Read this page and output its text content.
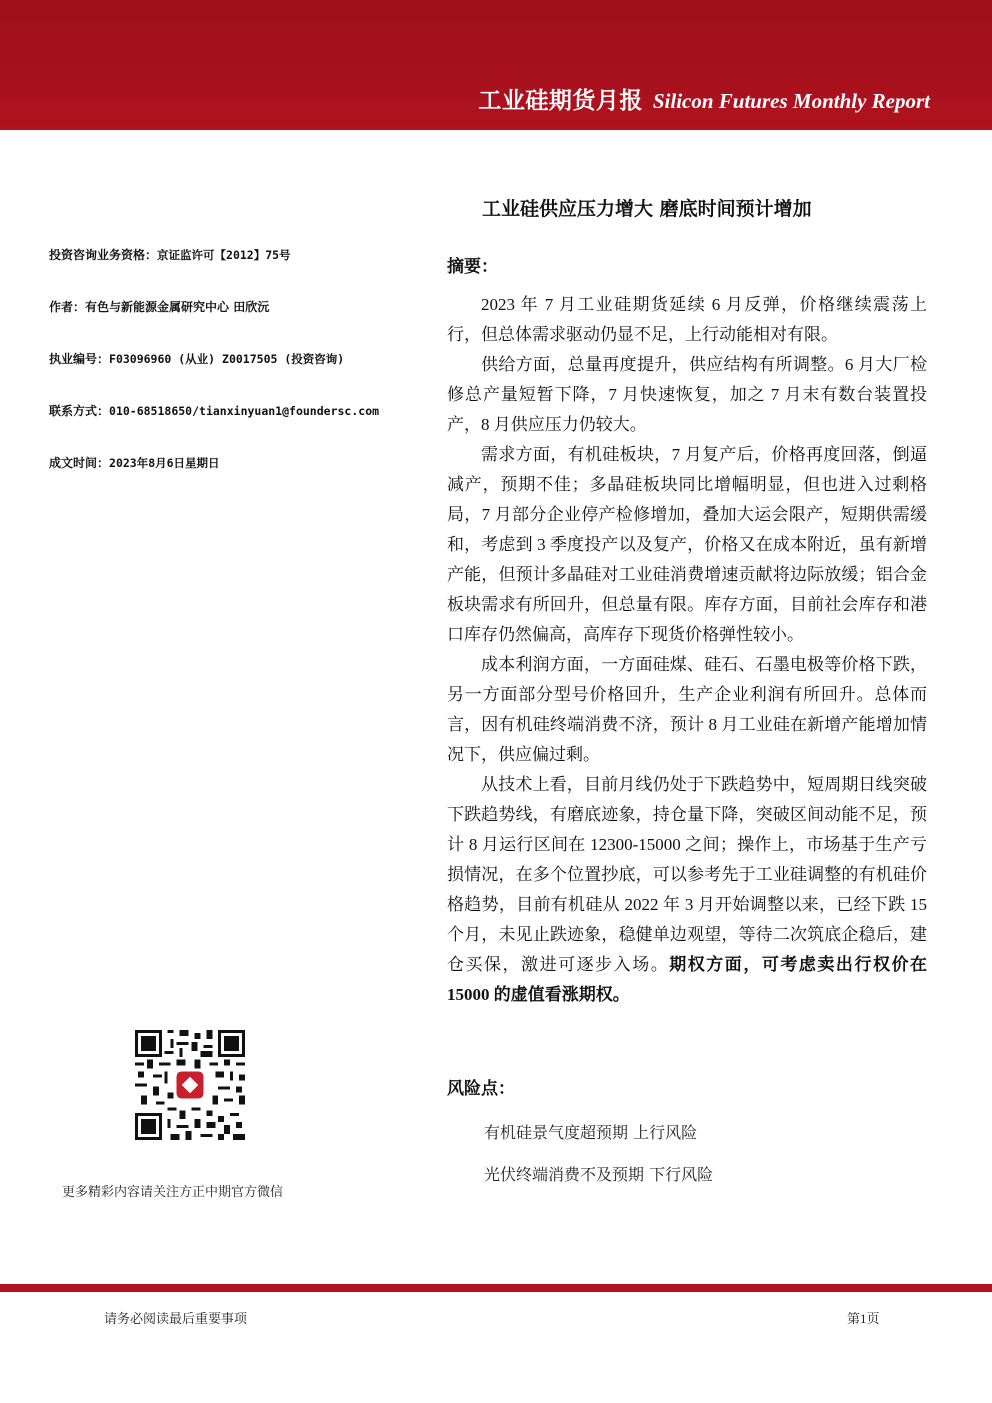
工业硅期货月报 Silicon Futures Monthly Report
工业硅供应压力增大 磨底时间预计增加
投资咨询业务资格：京证监许可【2012】75号
作者：有色与新能源金属研究中心 田欣沅
执业编号：F03096960 (从业) Z0017505 (投资咨询)
联系方式：010-68518650/tianxinyuan1@foundersc.com
成文时间：2023年8月6日星期日
摘要：

2023 年 7 月工业硅期货延续 6 月反弹，价格继续震荡上行，但总体需求驱动仍显不足，上行动能相对有限。

供给方面，总量再度提升，供应结构有所调整。6 月大厂检修总产量短暂下降，7 月快速恢复，加之 7 月末有数台装置投产，8 月供应压力仍较大。

需求方面，有机硅板块，7 月复产后，价格再度回落，倒逼减产，预期不佳；多晶硅板块同比增幅明显，但也进入过剩格局，7 月部分企业停产检修增加，叠加大运会限产，短期供需缓和，考虑到 3 季度投产以及复产，价格又在成本附近，虽有新增产能，但预计多晶硅对工业硅消费增速贡献将边际放缓；铝合金板块需求有所回升，但总量有限。库存方面，目前社会库存和港口库存仍然偏高，高库存下现货价格弹性较小。

成本利润方面，一方面硅煤、硅石、石墨电极等价格下跌，另一方面部分型号价格回升，生产企业利润有所回升。总体而言，因有机硅终端消费不济，预计 8 月工业硅在新增产能增加情况下，供应偏过剩。

从技术上看，目前月线仍处于下跌趋势中，短周期日线突破下跌趋势线，有磨底迹象，持仓量下降，突破区间动能不足，预计 8 月运行区间在 12300-15000 之间；操作上，市场基于生产亏损情况，在多个位置抄底，可以参考先于工业硅调整的有机硅价格趋势，目前有机硅从 2022 年 3 月开始调整以来，已经下跌 15 个月，未见止跌迹象，稳健单边观望，等待二次筑底企稳后，建仓买保，激进可逐步入场。期权方面，可考虑卖出行权价在 15000 的虚值看涨期权。

风险点：
有机硅景气度超预期 上行风险
光伏终端消费不及预期 下行风险
更多精彩内容请关注方正中期官方微信
请务必阅读最后重要事项	第1页
